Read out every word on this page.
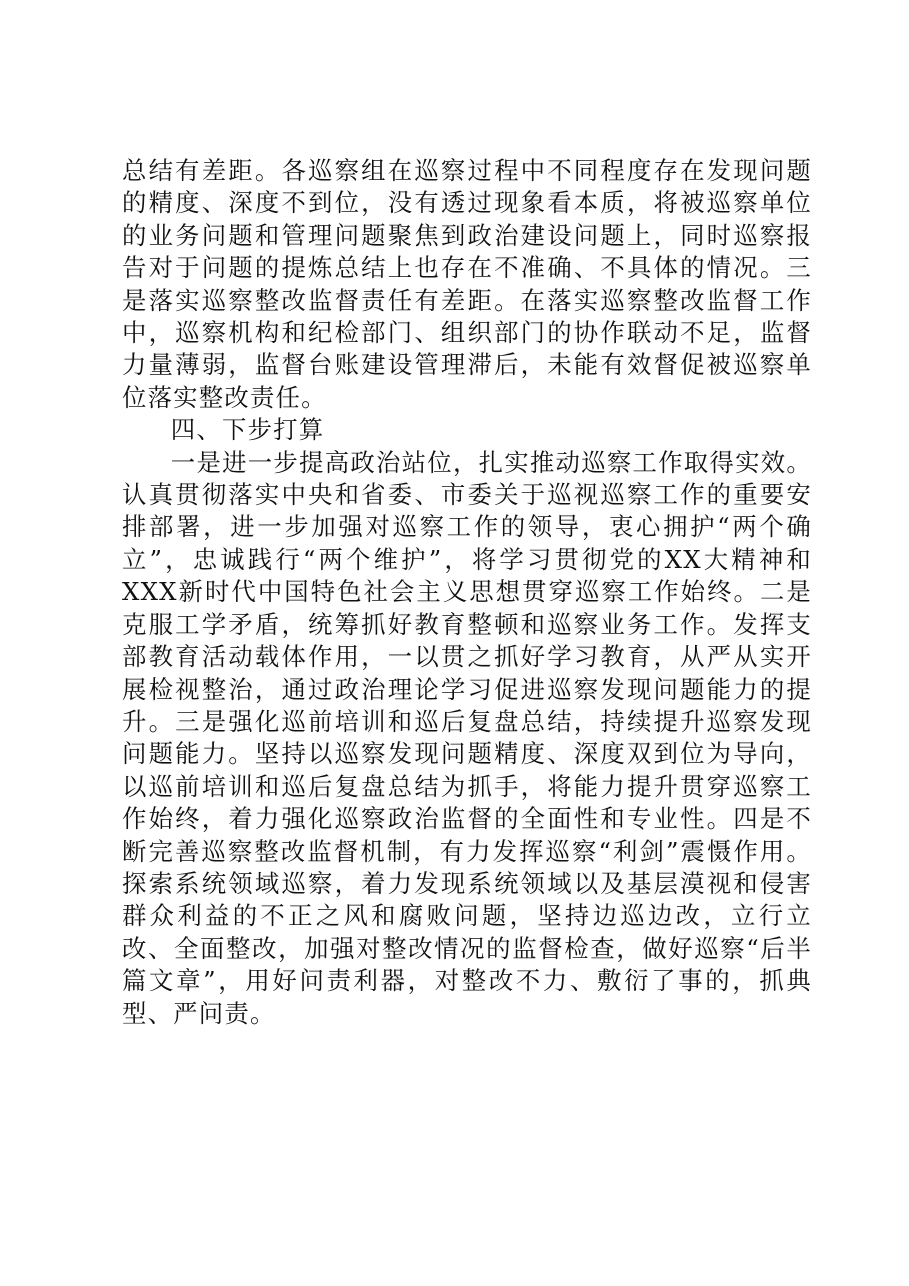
总结有差距。各巡察组在巡察过程中不同程度存在发现问题的精度、深度不到位，没有透过现象看本质，将被巡察单位的业务问题和管理问题聚焦到政治建设问题上，同时巡察报告对于问题的提炼总结上也存在不准确、不具体的情况。三是落实巡察整改监督责任有差距。在落实巡察整改监督工作中，巡察机构和纪检部门、组织部门的协作联动不足，监督力量薄弱，监督台账建设管理滞后，未能有效督促被巡察单位落实整改责任。

四、下步打算

一是进一步提高政治站位，扎实推动巡察工作取得实效。认真贯彻落实中央和省委、市委关于巡视巡察工作的重要安排部署，进一步加强对巡察工作的领导，衷心拥护“两个确立”，忠诚践行“两个维护”，将学习贯彻党的XX大精神和XXX新时代中国特色社会主义思想贯穿巡察工作始终。二是克服工学矛盾，统筹抓好教育整顿和巡察业务工作。发挥支部教育活动载体作用，一以贯之抓好学习教育，从严从实开展检视整治，通过政治理论学习促进巡察发现问题能力的提升。三是强化巡前培训和巡后复盘总结，持续提升巡察发现问题能力。坚持以巡察发现问题精度、深度双到位为导向，以巡前培训和巡后复盘总结为抓手，将能力提升贯穿巡察工作始终，着力强化巡察政治监督的全面性和专业性。四是不断完善巡察整改监督机制，有力发挥巡察“利剑”震慑作用。探索系统领域巡察，着力发现系统领域以及基层漠视和侵害群众利益的不正之风和腐败问题，坚持边巡边改，立行立改、全面整改，加强对整改情况的监督检查，做好巡察“后半篇文章”，用好问责利器，对整改不力、敷衍了事的，抓典型、严问责。
